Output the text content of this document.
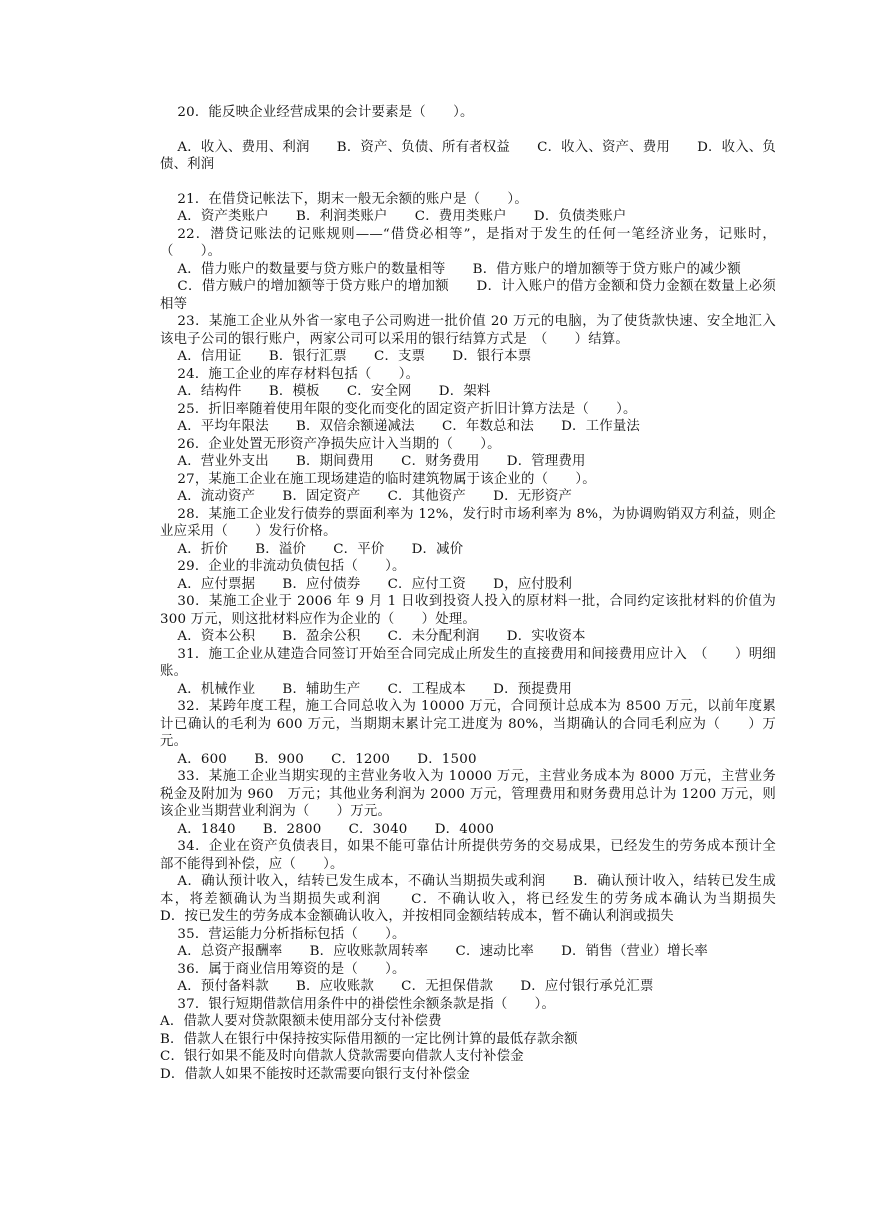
20．能反映企业经营成果的会计要素是（　　）。

A．收入、费用、利润　　B．资产、负债、所有者权益　　C．收入、资产、费用　　D．收入、负债、利润

21．在借贷记帐法下，期末一般无余额的账户是（　　）。

A．资产类账户　　B．利润类账户　　C．费用类账户　　D．负债类账户

22．潜贷记账法的记账规则——“借贷必相等”，是指对于发生的任何一笔经济业务，记账时，（　　）。

A．借力账户的数量要与贷方账户的数量相等　　B．借方账户的增加额等于贷方账户的减少额

C．借方贼户的增加额等于贷方账户的增加额　　D．计入账户的借方金额和贷力金额在数量上必须相等

23．某施工企业从外省一家电子公司购进一批价值 20 万元的电脑，为了使货款快速、安全地汇入该电子公司的银行账户，两家公司可以采用的银行结算方式是　（　　）结算。

A．信用证　　B．银行汇票　　C．支票　　D．银行本票

24．施工企业的库存材料包括（　　）。

A．结构件　　B．模板　　C．安全网　　D．架料

25．折旧率随着使用年限的变化而变化的固定资产折旧计算方法是（　　）。

A．平均年限法　　B．双倍余额递减法　　C．年数总和法　　D．工作量法

26．企业处置无形资产净损失应计入当期的（　　）。

A．营业外支出　　B．期间费用　　C．财务费用　　D．管理费用

27，某施工企业在施工现场建造的临时建筑物属于该企业的（　　）。

A．流动资产　　B．固定资产　　C．其他资产　　D．无形资产

28．某施工企业发行债券的票面利率为 12%，发行时市场利率为 8%，为协调购销双方利益，则企业应采用（　　）发行价格。

A．折价　　B．溢价　　C．平价　　D．减价

29．企业的非流动负债包括（　　）。

A．应付票据　　B．应付债券　　C．应付工资　　D，应付股利

30．某施工企业于 2006 年 9 月 1 日收到投资人投入的原材料一批，合同约定该批材料的价值为 300 万元，则这批材料应作为企业的（　　）处理。

A．资本公积　　B．盈余公积　　C．未分配利润　　D．实收资本

31．施工企业从建造合同签订开始至合同完成止所发生的直接费用和间接费用应计入　（　　）明细账。

A．机械作业　　B．辅助生产　　C．工程成本　　D．预提费用

32．某跨年度工程，施工合同总收入为 10000 万元，合同预计总成本为 8500 万元，以前年度累计已确认的毛利为 600 万元，当期期末累计完工进度为 80%，当期确认的合同毛利应为（　　）万元。

A．600　　B．900　　C．1200　　D．1500

33．某施工企业当期实现的主营业务收入为 10000 万元，主营业务成本为 8000 万元，主营业务税金及附加为 960　万元；其他业务利润为 2000 万元，管理费用和财务费用总计为 1200 万元，则该企业当期营业利润为（　　）万元。

A．1840　　B．2800　　C．3040　　D．4000

34．企业在资产负债表目，如果不能可靠估计所提供劳务的交易成果，已经发生的劳务成本预计全部不能得到补偿，应（　　）。

A．确认预计收入，结转已发生成本，不确认当期损失或利润　　B．确认预计收入，结转已发生成本，将差额确认为当期损失或利润　　C．不确认收入，将已经发生的劳务成本确认为当期损失　　D．按已发生的劳务成本金额确认收入，并按相同金额结转成本，暂不确认利润或损失

35．营运能力分析指标包括（　　）。

A．总资产报酬率　　B．应收账款周转率　　C．速动比率　　D．销售（营业）增长率

36．属于商业信用筹资的是（　　）。

A．预付备料款　　B．应收账款　　C．无担保借款　　D．应付银行承兑汇票

37．银行短期借款信用条件中的褂偿性余额条款是指（　　）。

A．借款人要对贷款限额未使用部分支付补偿费

B．借款人在银行中保持按实际借用额的一定比例计算的最低存款余额

C．银行如果不能及时向借款人贷款需要向借款人支付补偿金

D．借款人如果不能按时还款需要向银行支付补偿金
